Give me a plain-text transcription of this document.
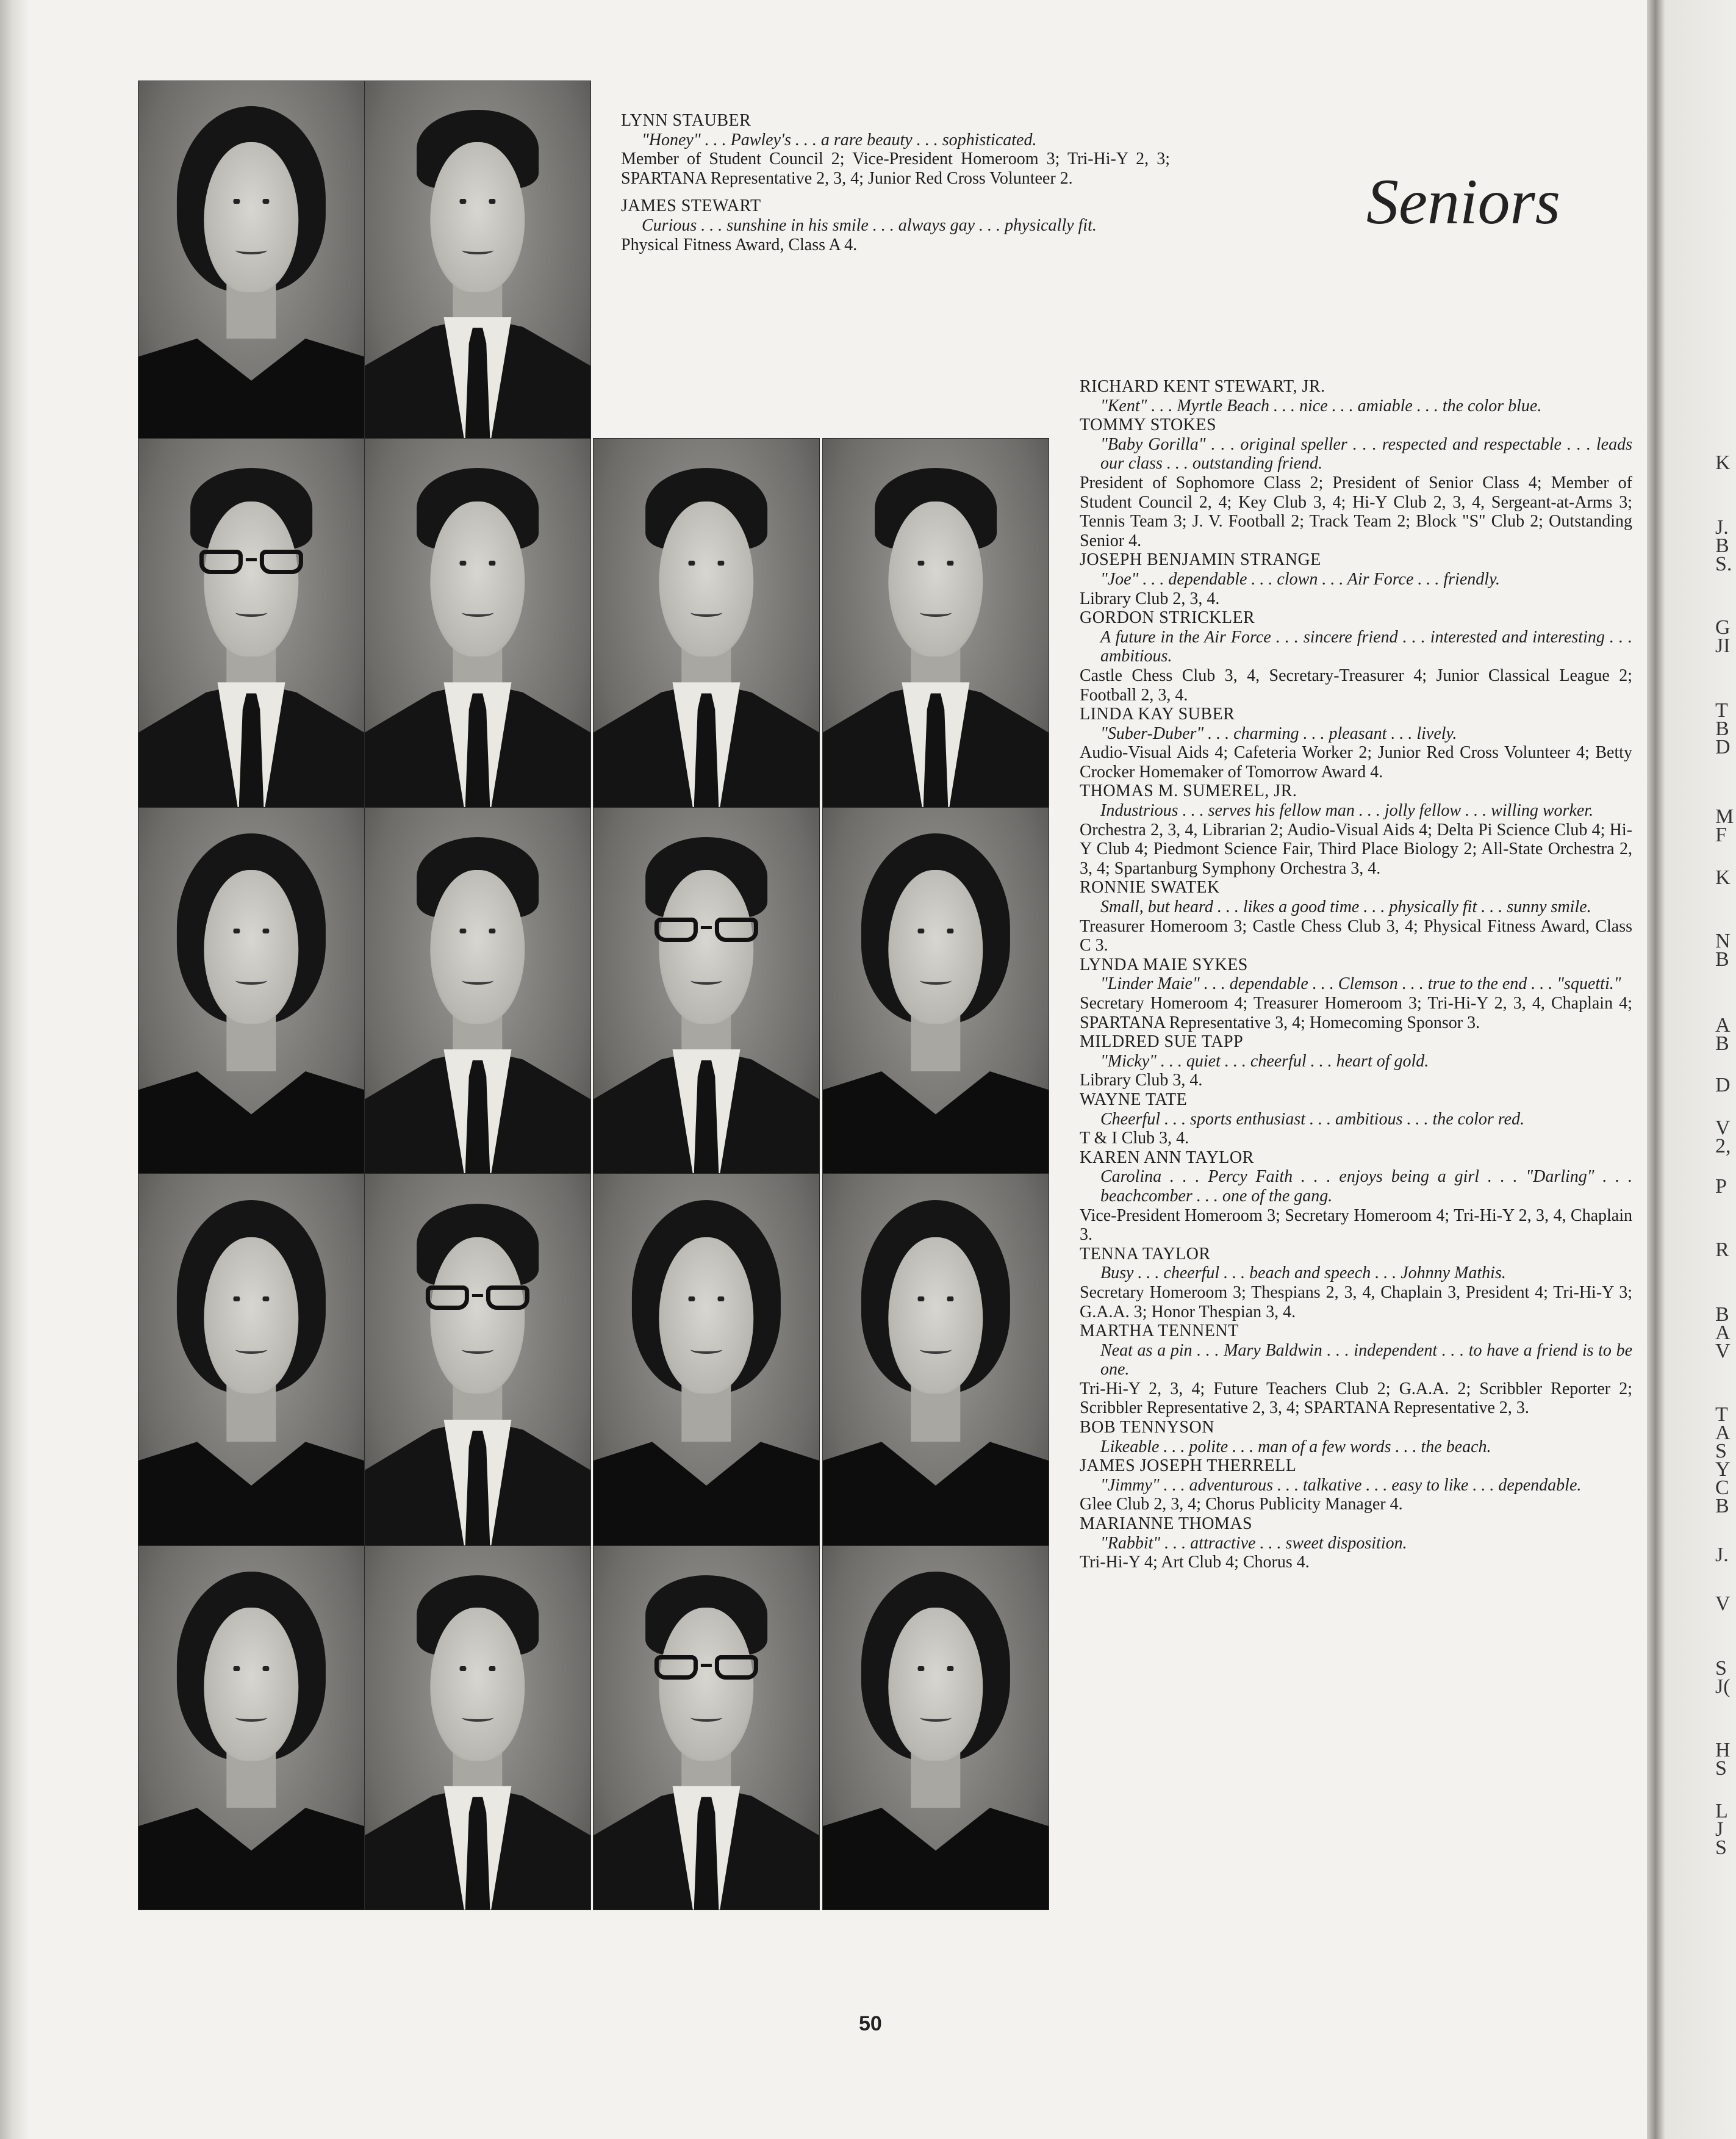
K
J.
B
S.
G
JI
T
B
D
M
F
K
N
B
A
B
D
V
2,
P
R
B
A
V
T
A
S
Y
C
B
J.
V
S
J(
H
S
L
J
S
Seniors
LYNN STAUBER
"Honey" . . . Pawley's . . . a rare beauty . . . sophisticated.
Member of Student Council 2; Vice-President Homeroom 3; Tri-Hi-Y 2, 3; SPARTANA Representative 2, 3, 4; Junior Red Cross Volunteer 2.
JAMES STEWART
Curious . . . sunshine in his smile . . . always gay . . . physically fit.
Physical Fitness Award, Class A 4.
RICHARD KENT STEWART, JR.
"Kent" . . . Myrtle Beach . . . nice . . . amiable . . . the color blue.
TOMMY STOKES
"Baby Gorilla" . . . original speller . . . respected and respectable . . . leads our class . . . outstanding friend.
President of Sophomore Class 2; President of Senior Class 4; Member of Student Council 2, 4; Key Club 3, 4; Hi-Y Club 2, 3, 4, Sergeant-at-Arms 3; Tennis Team 3; J. V. Football 2; Track Team 2; Block "S" Club 2; Outstanding Senior 4.
JOSEPH BENJAMIN STRANGE
"Joe" . . . dependable . . . clown . . . Air Force . . . friendly.
Library Club 2, 3, 4.
GORDON STRICKLER
A future in the Air Force . . . sincere friend . . . interested and interesting . . . ambitious.
Castle Chess Club 3, 4, Secretary-Treasurer 4; Junior Classical League 2; Football 2, 3, 4.
LINDA KAY SUBER
"Suber-Duber" . . . charming . . . pleasant . . . lively.
Audio-Visual Aids 4; Cafeteria Worker 2; Junior Red Cross Volunteer 4; Betty Crocker Homemaker of Tomorrow Award 4.
THOMAS M. SUMEREL, JR.
Industrious . . . serves his fellow man . . . jolly fellow . . . willing worker.
Orchestra 2, 3, 4, Librarian 2; Audio-Visual Aids 4; Delta Pi Science Club 4; Hi-Y Club 4; Piedmont Science Fair, Third Place Biology 2; All-State Orchestra 2, 3, 4; Spartanburg Symphony Orchestra 3, 4.
RONNIE SWATEK
Small, but heard . . . likes a good time . . . physically fit . . . sunny smile.
Treasurer Homeroom 3; Castle Chess Club 3, 4; Physical Fitness Award, Class C 3.
LYNDA MAIE SYKES
"Linder Maie" . . . dependable . . . Clemson . . . true to the end . . . "squetti."
Secretary Homeroom 4; Treasurer Homeroom 3; Tri-Hi-Y 2, 3, 4, Chaplain 4; SPARTANA Representative 3, 4; Homecoming Sponsor 3.
MILDRED SUE TAPP
"Micky" . . . quiet . . . cheerful . . . heart of gold.
Library Club 3, 4.
WAYNE TATE
Cheerful . . . sports enthusiast . . . ambitious . . . the color red.
T & I Club 3, 4.
KAREN ANN TAYLOR
Carolina . . . Percy Faith . . . enjoys being a girl . . . "Darling" . . . beachcomber . . . one of the gang.
Vice-President Homeroom 3; Secretary Homeroom 4; Tri-Hi-Y 2, 3, 4, Chaplain 3.
TENNA TAYLOR
Busy . . . cheerful . . . beach and speech . . . Johnny Mathis.
Secretary Homeroom 3; Thespians 2, 3, 4, Chaplain 3, President 4; Tri-Hi-Y 3; G.A.A. 3; Honor Thespian 3, 4.
MARTHA TENNENT
Neat as a pin . . . Mary Baldwin . . . independent . . . to have a friend is to be one.
Tri-Hi-Y 2, 3, 4; Future Teachers Club 2; G.A.A. 2; Scribbler Reporter 2; Scribbler Representative 2, 3, 4; SPARTANA Representative 2, 3.
BOB TENNYSON
Likeable . . . polite . . . man of a few words . . . the beach.
JAMES JOSEPH THERRELL
"Jimmy" . . . adventurous . . . talkative . . . easy to like . . . dependable.
Glee Club 2, 3, 4; Chorus Publicity Manager 4.
MARIANNE THOMAS
"Rabbit" . . . attractive . . . sweet disposition.
Tri-Hi-Y 4; Art Club 4; Chorus 4.
50
